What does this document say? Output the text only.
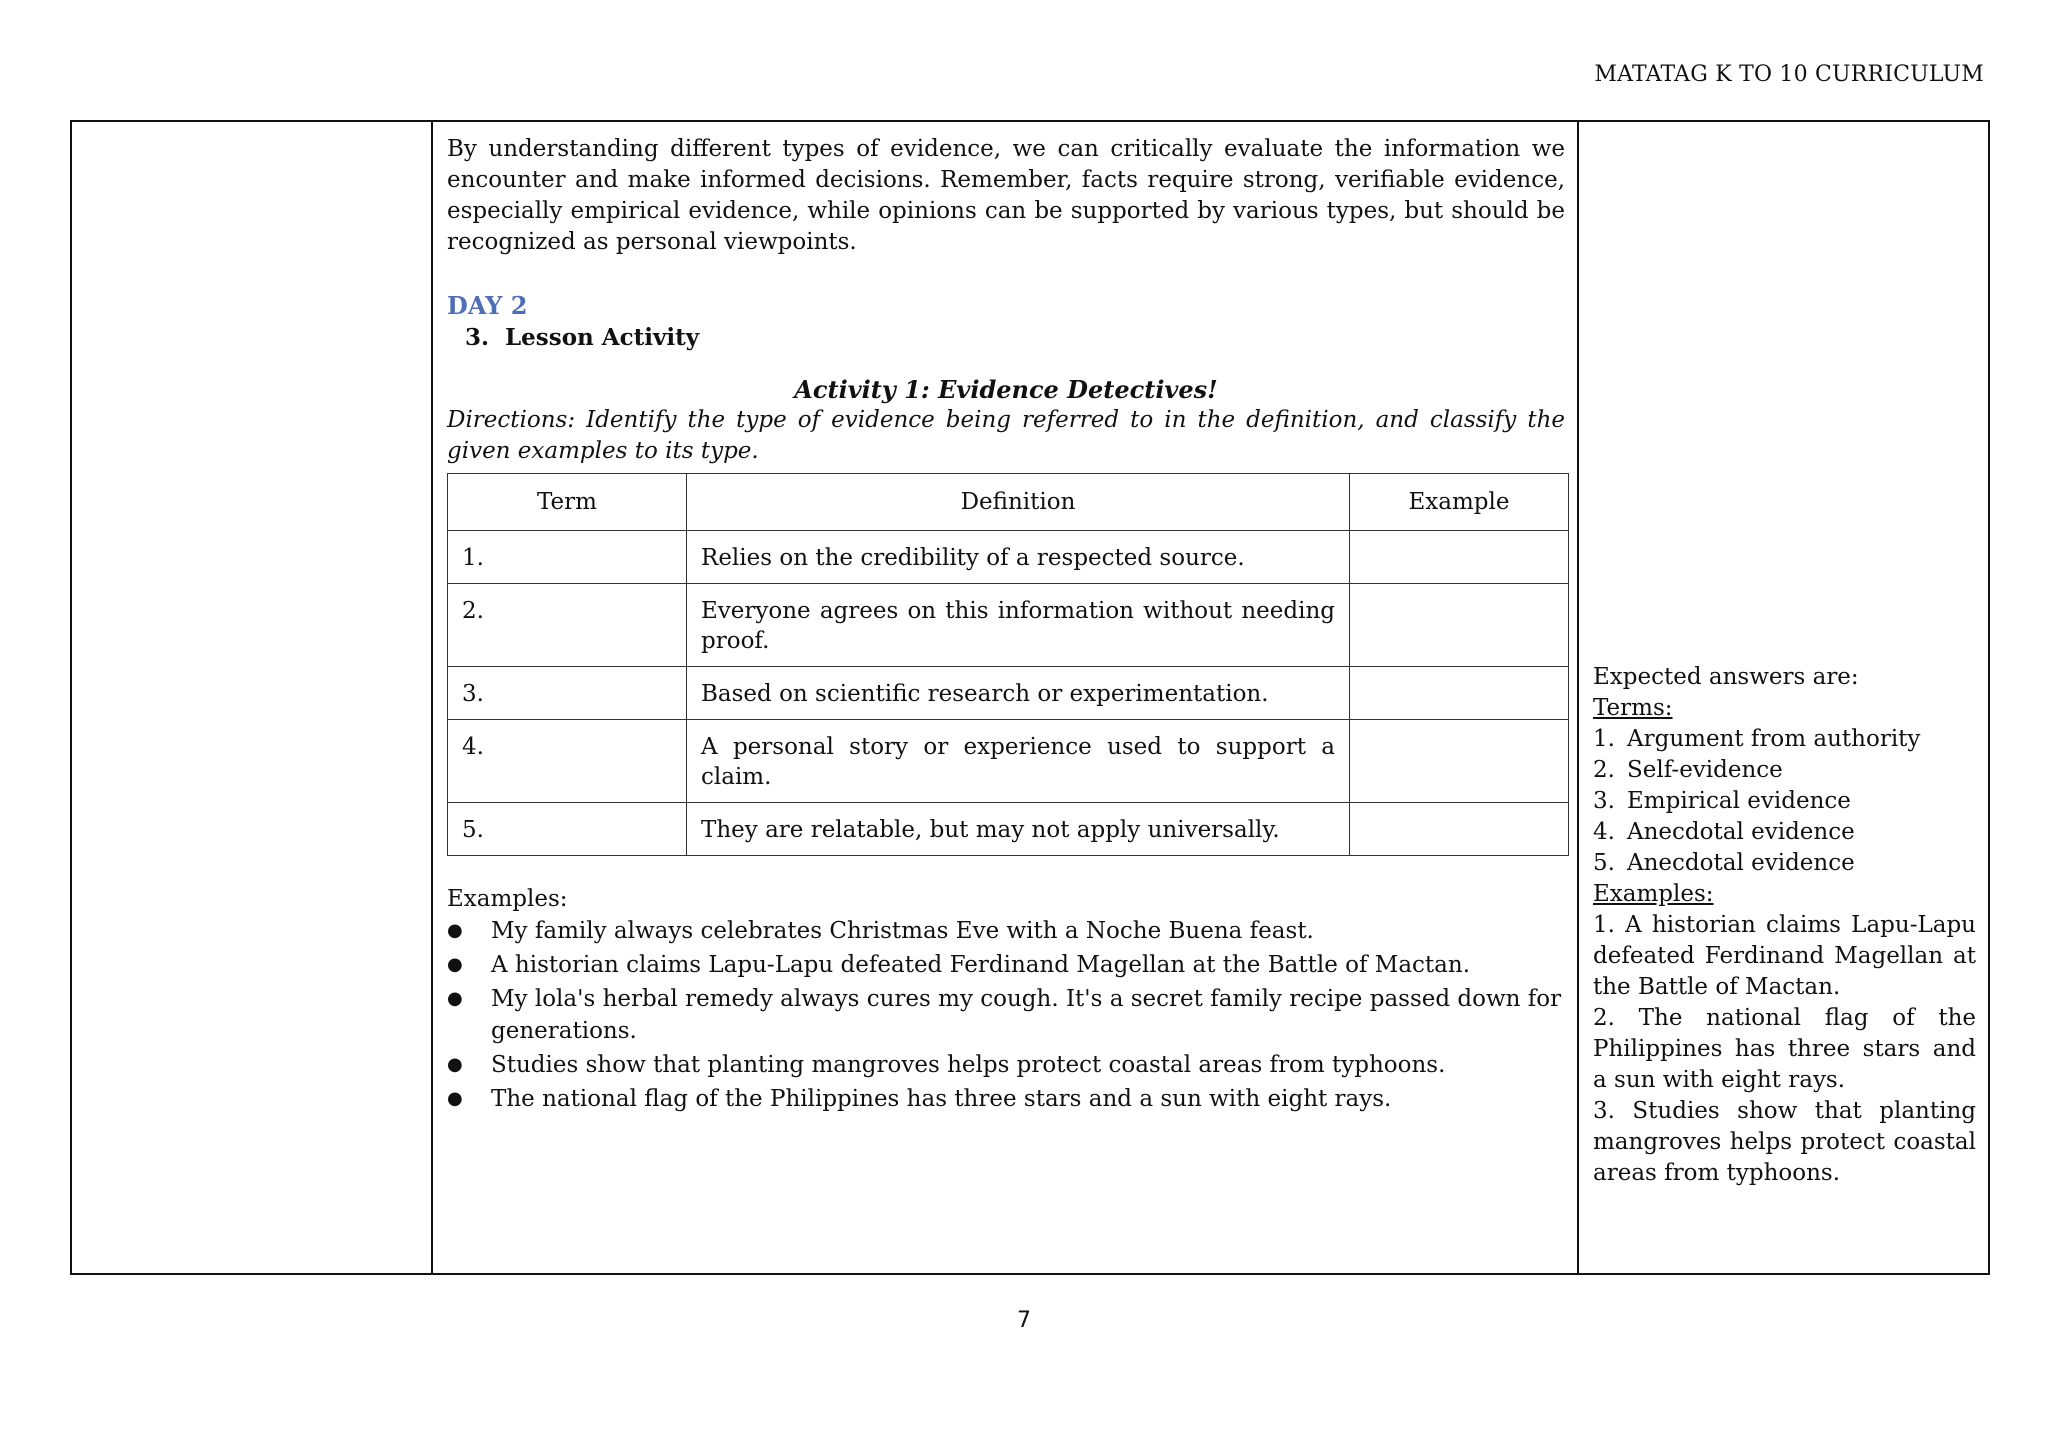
MATATAG K TO 10 CURRICULUM

By understanding different types of evidence, we can critically evaluate the information we encounter and make informed decisions. Remember, facts require strong, verifiable evidence, especially empirical evidence, while opinions can be supported by various types, but should be recognized as personal viewpoints.

DAY 2
3. Lesson Activity
Activity 1: Evidence Detectives!
Directions: Identify the type of evidence being referred to in the definition, and classify the given examples to its type.
Term	Definition	Example
1.	Relies on the credibility of a respected source.	
2.	Everyone agrees on this information without needing proof.	
3.	Based on scientific research or experimentation.	
4.	A personal story or experience used to support a claim.	
5.	They are relatable, but may not apply universally.	
Examples:
● My family always celebrates Christmas Eve with a Noche Buena feast.
● A historian claims Lapu-Lapu defeated Ferdinand Magellan at the Battle of Mactan.
● My lola's herbal remedy always cures my cough. It's a secret family recipe passed down for generations.
● Studies show that planting mangroves helps protect coastal areas from typhoons.
● The national flag of the Philippines has three stars and a sun with eight rays.
Expected answers are:
Terms:
1. Argument from authority
2. Self-evidence
3. Empirical evidence
4. Anecdotal evidence
5. Anecdotal evidence
Examples:
1. A historian claims Lapu-Lapu defeated Ferdinand Magellan at the Battle of Mactan.
2. The national flag of the Philippines has three stars and a sun with eight rays.
3. Studies show that planting mangroves helps protect coastal areas from typhoons.
7
